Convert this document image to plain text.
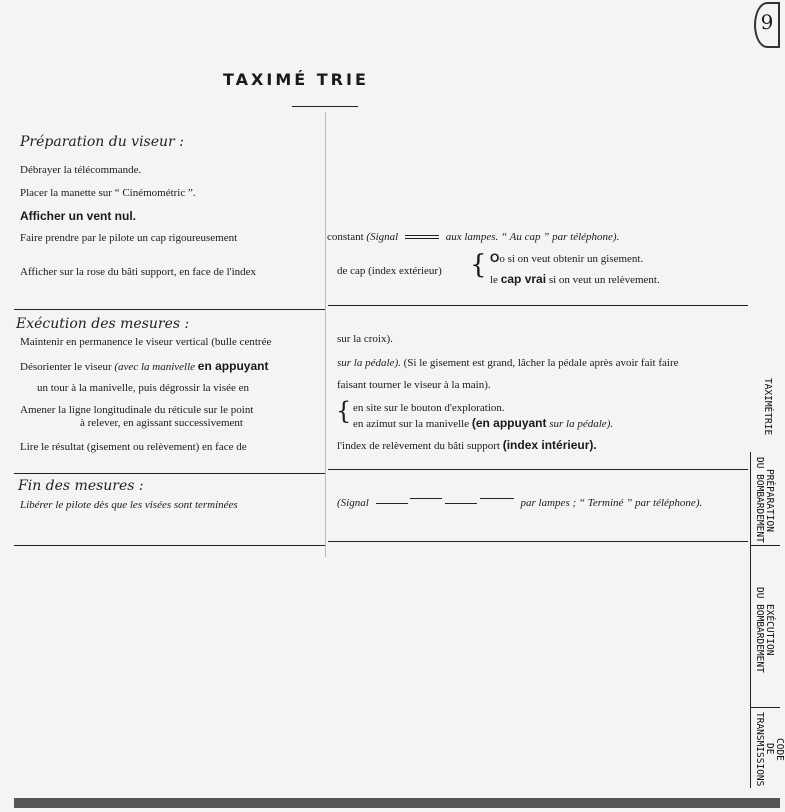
9
TAXIMÉ TRIE
Préparation du viseur :
Débrayer la télécommande.
Placer la manette sur “ Cinémométric ”.
Afficher un vent nul.
Faire prendre par le pilote un cap rigoureusement	constant (Signal	aux lampes. “ Au cap ” par téléphone).
Afficher sur la rose du bâti support, en face de l'index	de cap (index extérieur) { Oo si on veut obtenir un gisement.
le cap vrai si on veut un relèvement.
Exécution des mesures :
Maintenir en permanence le viseur vertical (bulle centrée	sur la croix).
Désorienter le viseur (avec la manivelle en appuyant	sur la pédale). (Si le gisement est grand, lâcher la pédale après avoir fait faire
un tour à la manivelle, puis dégrossir la visée en	faisant tourner le viseur à la main).
Amener la ligne longitudinale du réticule sur le point
à relever, en agissant successivement	{ en site sur le bouton d'exploration.
en azimut sur la manivelle (en appuyant sur la pédale).
Lire le résultat (gisement ou relèvement) en face de	l'index de relèvement du bâti support (index intérieur).
Fin des mesures :
Libérer le pilote dès que les visées sont terminées	(Signal	par lampes ; “ Terminé ” par téléphone).
TAXIMÉTRIE
PRÉPARATION
DU BOMBARDEMENT
EXÉCUTION
DU BOMBARDEMENT
CODE
DE TRANSMISSIONS
